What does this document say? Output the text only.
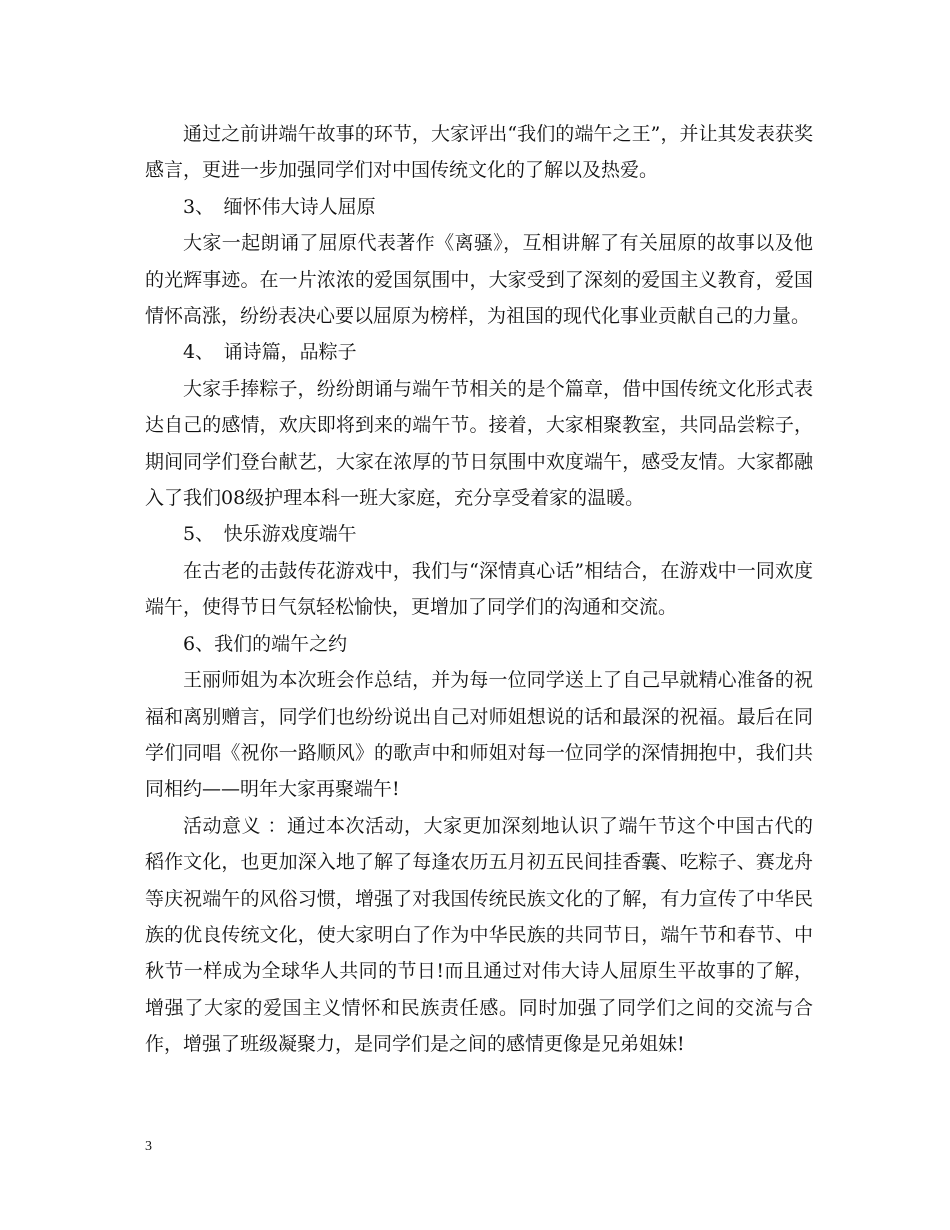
通过之前讲端午故事的环节，大家评出“我们的端午之王”，并让其发表获奖感言，更进一步加强同学们对中国传统文化的了解以及热爱。

3、　缅怀伟大诗人屈原

大家一起朗诵了屈原代表著作《离骚》，互相讲解了有关屈原的故事以及他的光辉事迹。在一片浓浓的爱国氛围中，大家受到了深刻的爱国主义教育，爱国情怀高涨，纷纷表决心要以屈原为榜样，为祖国的现代化事业贡献自己的力量。

4、　诵诗篇，品粽子

大家手捧粽子，纷纷朗诵与端午节相关的是个篇章，借中国传统文化形式表达自己的感情，欢庆即将到来的端午节。接着，大家相聚教室，共同品尝粽子，期间同学们登台献艺，大家在浓厚的节日氛围中欢度端午，感受友情。大家都融入了我们08级护理本科一班大家庭，充分享受着家的温暖。

5、　快乐游戏度端午

在古老的击鼓传花游戏中，我们与“深情真心话”相结合，在游戏中一同欢度端午，使得节日气氛轻松愉快，更增加了同学们的沟通和交流。

6、我们的端午之约

王丽师姐为本次班会作总结，并为每一位同学送上了自己早就精心准备的祝福和离别赠言，同学们也纷纷说出自己对师姐想说的话和最深的祝福。最后在同学们同唱《祝你一路顺风》的歌声中和师姐对每一位同学的深情拥抱中，我们共同相约——明年大家再聚端午!

活动意义 ：通过本次活动，大家更加深刻地认识了端午节这个中国古代的稻作文化，也更加深入地了解了每逢农历五月初五民间挂香囊、吃粽子、赛龙舟等庆祝端午的风俗习惯，增强了对我国传统民族文化的了解，有力宣传了中华民族的优良传统文化，使大家明白了作为中华民族的共同节日，端午节和春节、中秋节一样成为全球华人共同的节日!而且通过对伟大诗人屈原生平故事的了解，增强了大家的爱国主义情怀和民族责任感。同时加强了同学们之间的交流与合作，增强了班级凝聚力，是同学们是之间的感情更像是兄弟姐妹!

3
